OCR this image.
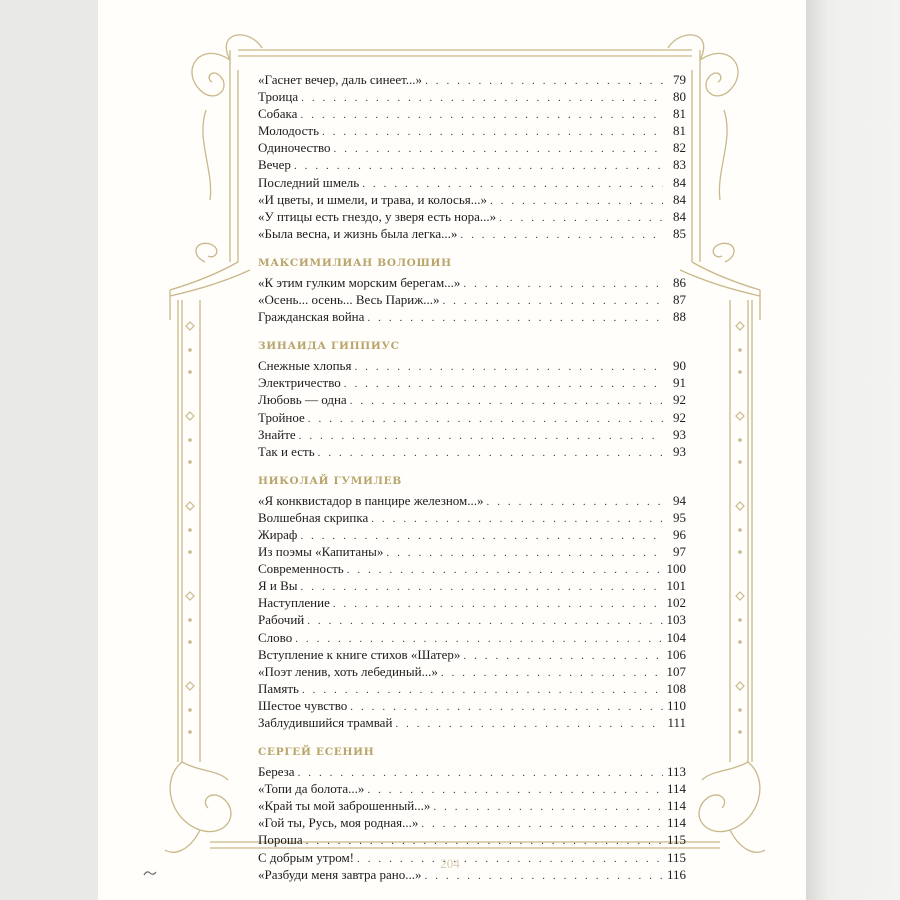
«Гаснет вечер, даль синеет...» . . .	79
Троица . . .	80
Собака . . .	81
Молодость . . .	81
Одиночество . . .	82
Вечер . . .	83
Последний шмель . . .	84
«И цветы, и шмели, и трава, и колосья...» . . .	84
«У птицы есть гнездо, у зверя есть нора...» . . .	84
«Была весна, и жизнь была легка...» . . .	85
МАКСИМИЛИАН ВОЛОШИН
«К этим гулким морским берегам...» . . .	86
«Осень... осень... Весь Париж...» . . .	87
Гражданская война . . .	88
ЗИНАИДА ГИППИУС
Снежные хлопья . . .	90
Электричество . . .	91
Любовь — одна . . .	92
Тройное . . .	92
Знайте . . .	93
Так и есть . . .	93
НИКОЛАЙ ГУМИЛЕВ
«Я конквистадор в панцире железном...» . . .	94
Волшебная скрипка . . .	95
Жираф . . .	96
Из поэмы «Капитаны» . . .	97
Современность . . .	100
Я и Вы . . .	101
Наступление . . .	102
Рабочий . . .	103
Слово . . .	104
Вступление к книге стихов «Шатер» . . .	106
«Поэт ленив, хоть лебединый...» . . .	107
Память . . .	108
Шестое чувство . . .	110
Заблудившийся трамвай . . .	111
СЕРГЕЙ ЕСЕНИН
Береза . . .	113
«Топи да болота...» . . .	114
«Край ты мой заброшенный...» . . .	114
«Гой ты, Русь, моя родная...» . . .	114
Пороша . . .	115
С добрым утром! . . .	115
«Разбуди меня завтра рано...» . . .	116
204
